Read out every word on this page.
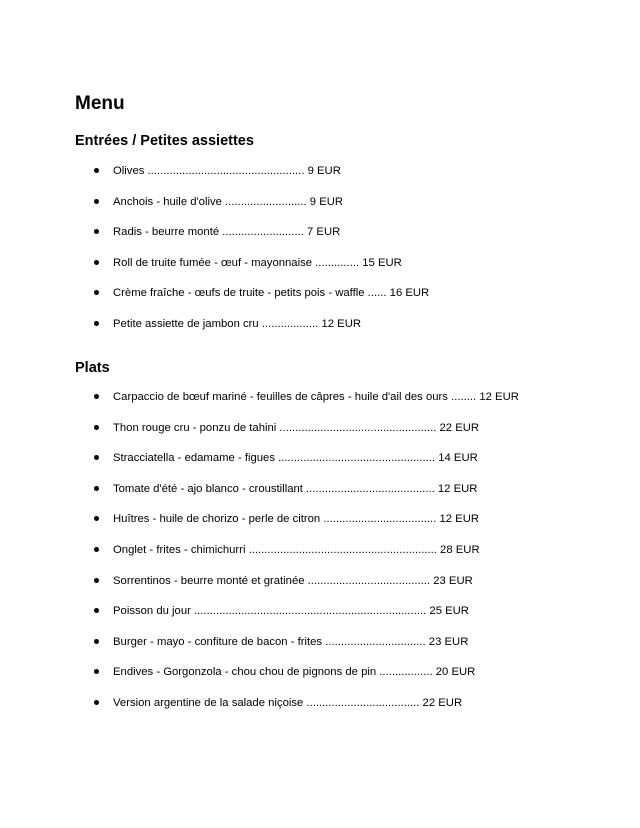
Menu
Entrées / Petites assiettes
Olives .................................................. 9 EUR
Anchois - huile d'olive .......................... 9 EUR
Radis - beurre monté .......................... 7 EUR
Roll de truite fumée - œuf - mayonnaise .............. 15 EUR
Crème fraîche - œufs de truite - petits pois - waffle ...... 16 EUR
Petite assiette de jambon cru .................. 12 EUR
Plats
Carpaccio de bœuf mariné - feuilles de câpres - huile d'ail des ours ........ 12 EUR
Thon rouge cru - ponzu de tahini .................................................. 22 EUR
Stracciatella - edamame - figues .................................................. 14 EUR
Tomate d'été - ajo blanco - croustillant ......................................... 12 EUR
Huîtres - huile de chorizo - perle de citron .................................... 12 EUR
Onglet - frites - chimichurri ............................................................ 28 EUR
Sorrentinos - beurre monté et gratinée ....................................... 23 EUR
Poisson du jour .......................................................................... 25 EUR
Burger - mayo - confiture de bacon - frites ................................ 23 EUR
Endives - Gorgonzola - chou chou de pignons de pin ................. 20 EUR
Version argentine de la salade niçoise .................................... 22 EUR
